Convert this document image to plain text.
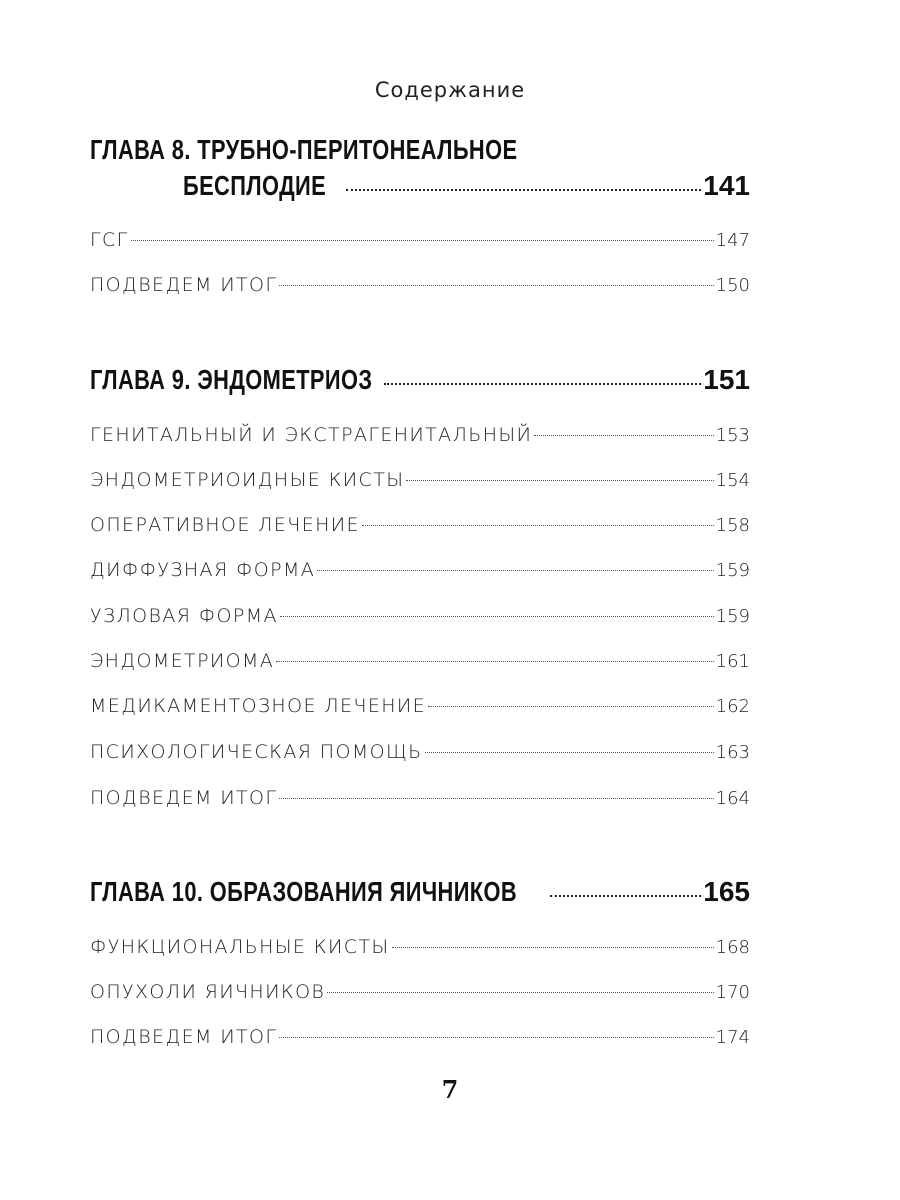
Содержание
ГЛАВА 8. ТРУБНО-ПЕРИТОНЕАЛЬНОЕ
БЕСПЛОДИЕ	141
ГСГ	147
ПОДВЕДЕМ ИТОГ	150
ГЛАВА 9. ЭНДОМЕТРИОЗ	151
ГЕНИТАЛЬНЫЙ И ЭКСТРАГЕНИТАЛЬНЫЙ	153
ЭНДОМЕТРИОИДНЫЕ КИСТЫ	154
ОПЕРАТИВНОЕ ЛЕЧЕНИЕ	158
ДИФФУЗНАЯ ФОРМА	159
УЗЛОВАЯ ФОРМА	159
ЭНДОМЕТРИОМА	161
МЕДИКАМЕНТОЗНОЕ ЛЕЧЕНИЕ	162
ПСИХОЛОГИЧЕСКАЯ ПОМОЩЬ	163
ПОДВЕДЕМ ИТОГ	164
ГЛАВА 10. ОБРАЗОВАНИЯ ЯИЧНИКОВ	165
ФУНКЦИОНАЛЬНЫЕ КИСТЫ	168
ОПУХОЛИ ЯИЧНИКОВ	170
ПОДВЕДЕМ ИТОГ	174
7
